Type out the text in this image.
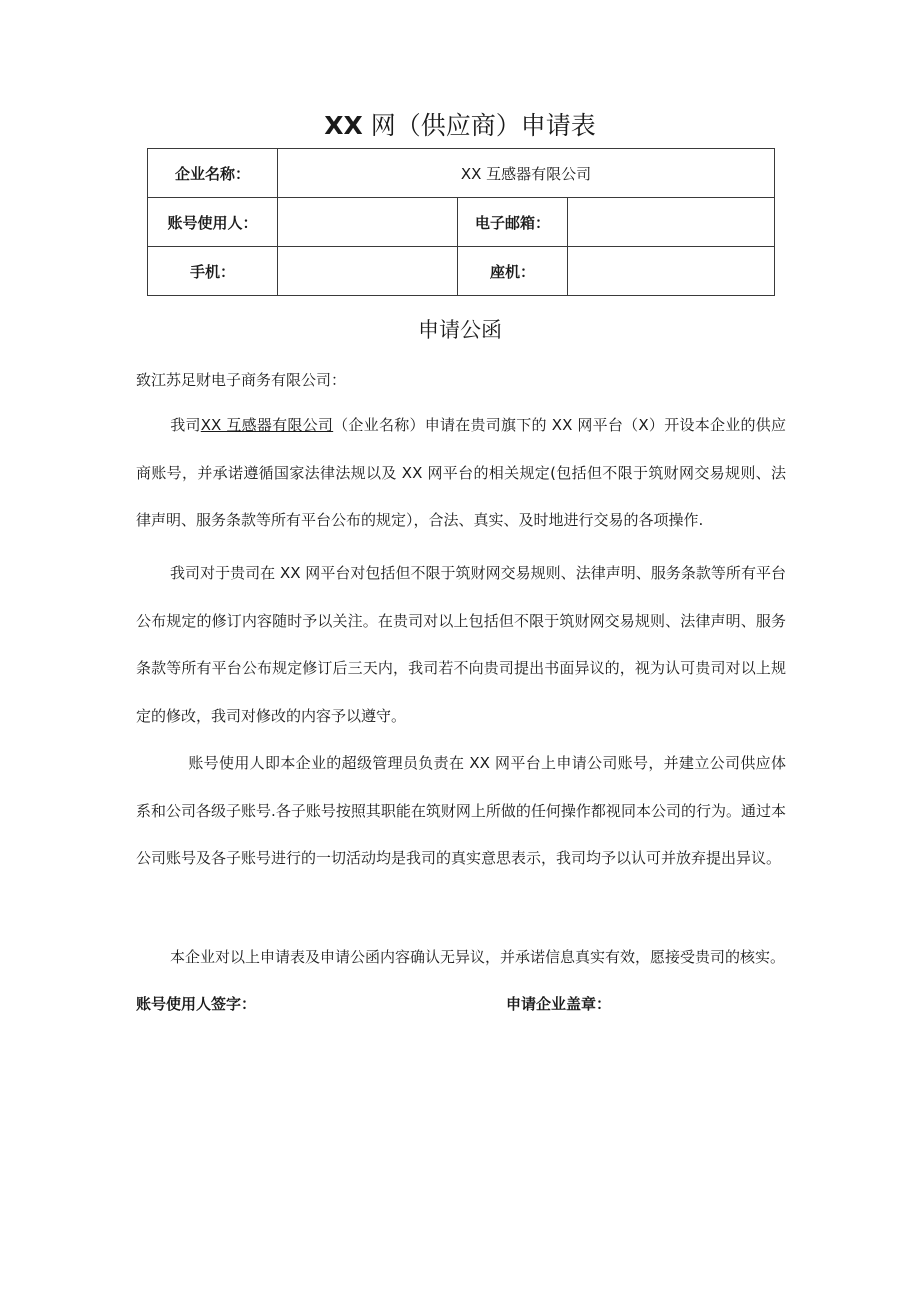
XX 网（供应商）申请表
企业名称：	XX 互感器有限公司		
账号使用人：		电子邮箱：	
手机：		座机：	
申请公函
致江苏足财电子商务有限公司：
我司XX 互感器有限公司（企业名称）申请在贵司旗下的 XX 网平台（X）开设本企业的供应商账号，并承诺遵循国家法律法规以及 XX 网平台的相关规定(包括但不限于筑财网交易规则、法律声明、服务条款等所有平台公布的规定），合法、真实、及时地进行交易的各项操作.
我司对于贵司在 XX 网平台对包括但不限于筑财网交易规则、法律声明、服务条款等所有平台公布规定的修订内容随时予以关注。在贵司对以上包括但不限于筑财网交易规则、法律声明、服务条款等所有平台公布规定修订后三天内，我司若不向贵司提出书面异议的，视为认可贵司对以上规定的修改，我司对修改的内容予以遵守。
账号使用人即本企业的超级管理员负责在 XX 网平台上申请公司账号，并建立公司供应体系和公司各级子账号.各子账号按照其职能在筑财网上所做的任何操作都视同本公司的行为。通过本公司账号及各子账号进行的一切活动均是我司的真实意思表示，我司均予以认可并放弃提出异议。
本企业对以上申请表及申请公函内容确认无异议，并承诺信息真实有效，愿接受贵司的核实。
账号使用人签字：	申请企业盖章：
